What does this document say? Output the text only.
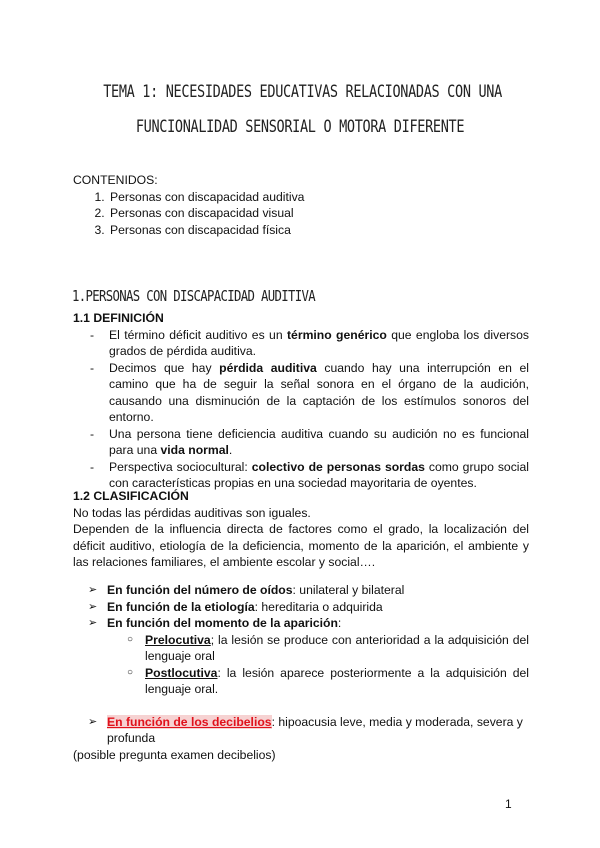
TEMA 1: NECESIDADES EDUCATIVAS RELACIONADAS CON UNA
FUNCIONALIDAD SENSORIAL O MOTORA DIFERENTE
CONTENIDOS:
1. Personas con discapacidad auditiva
2. Personas con discapacidad visual
3. Personas con discapacidad física
1.PERSONAS CON DISCAPACIDAD AUDITIVA
1.1 DEFINICIÓN
- El término déficit auditivo es un término genérico que engloba los diversos grados de pérdida auditiva.
- Decimos que hay pérdida auditiva cuando hay una interrupción en el camino que ha de seguir la señal sonora en el órgano de la audición, causando una disminución de la captación de los estímulos sonoros del entorno.
- Una persona tiene deficiencia auditiva cuando su audición no es funcional para una vida normal.
- Perspectiva sociocultural: colectivo de personas sordas como grupo social con características propias en una sociedad mayoritaria de oyentes.
1.2 CLASIFICACIÓN

No todas las pérdidas auditivas son iguales.

Dependen de la influencia directa de factores como el grado, la localización del déficit auditivo, etiología de la deficiencia, momento de la aparición, el ambiente y las relaciones familiares, el ambiente escolar y social….

➢ En función del número de oídos: unilateral y bilateral
➢ En función de la etiología: hereditaria o adquirida
➢ En función del momento de la aparición:
○ Prelocutiva; la lesión se produce con anterioridad a la adquisición del lenguaje oral
○ Postlocutiva: la lesión aparece posteriormente a la adquisición del lenguaje oral.
➢ En función de los decibelios: hipoacusia leve, media y moderada, severa y profunda
(posible pregunta examen decibelios)
1
